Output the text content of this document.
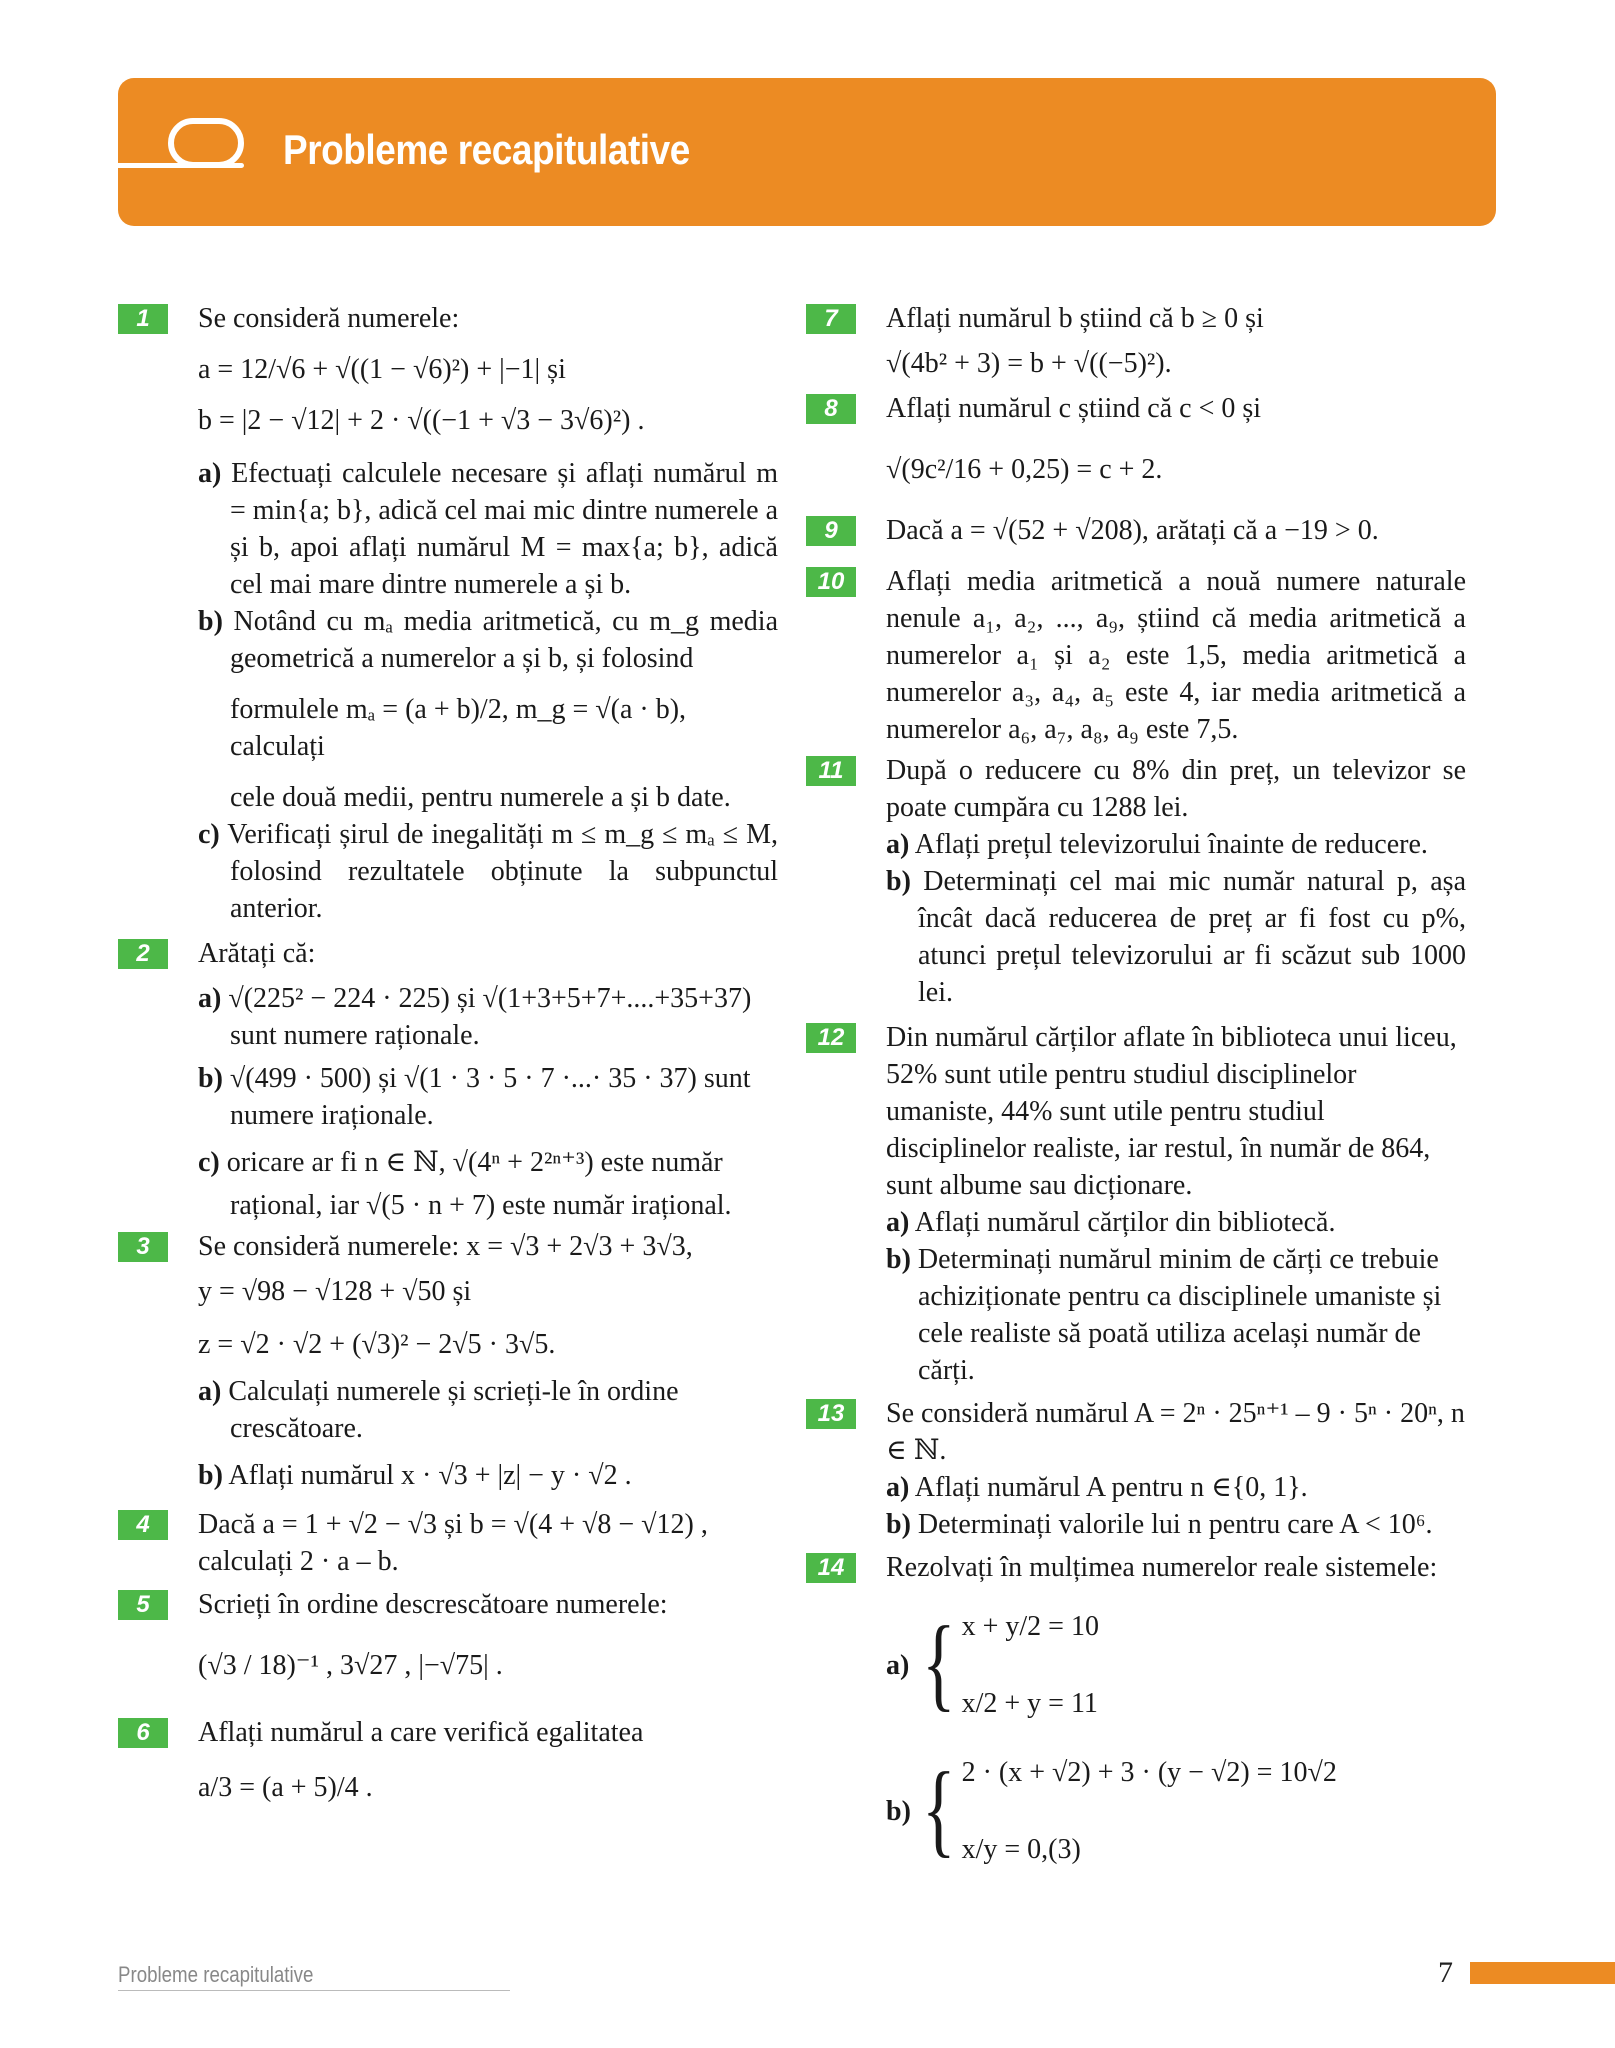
Probleme recapitulative
1	Se consideră numerele:
a = 12/√6 + √((1 − √6)²) + |−1| și
b = |2 − √12| + 2 · √((−1 + √3 − 3√6)²) .
a) Efectuați calculele necesare și aflați numărul m = min{a; b}, adică cel mai mic dintre numerele a și b, apoi aflați numărul M = max{a; b}, adică cel mai mare dintre numerele a și b.
b) Notând cu mₐ media aritmetică, cu m_g media geometrică a numerelor a și b, și folosind
formulele mₐ = (a + b)/2, m_g = √(a · b), calculați
cele două medii, pentru numerele a și b date.
c) Verificați șirul de inegalități m ≤ m_g ≤ mₐ ≤ M, folosind rezultatele obținute la subpunctul anterior.
2	Arătați că:
a) √(225² − 224 · 225) și √(1+3+5+7+....+35+37)
sunt numere raționale.
b) √(499 · 500) și √(1 · 3 · 5 · 7 ·...· 35 · 37) sunt
numere iraționale.
c) oricare ar fi n ∈ ℕ, √(4ⁿ + 2²ⁿ⁺³) este număr
rațional, iar √(5 · n + 7) este număr irațional.
3	Se consideră numerele: x = √3 + 2√3 + 3√3,
y = √98 − √128 + √50 și
z = √2 · √2 + (√3)² − 2√5 · 3√5.
a) Calculați numerele și scrieți-le în ordine crescătoare.
b) Aflați numărul x · √3 + |z| − y · √2 .
4	Dacă a = 1 + √2 − √3 și b = √(4 + √8 − √12) ,
calculați 2 · a – b.
5	Scrieți în ordine descrescătoare numerele:
(√3 / 18)⁻¹ , 3√27 , |−√75| .
6	Aflați numărul a care verifică egalitatea
a/3 = (a + 5)/4 .
7	Aflați numărul b știind că b ≥ 0 și
√(4b² + 3) = b + √((−5)²).
8	Aflați numărul c știind că c < 0 și
√(9c²/16 + 0,25) = c + 2.
9	Dacă a = √(52 + √208), arătați că a −19 > 0.
10	Aflați media aritmetică a nouă numere naturale nenule a₁, a₂, ..., a₉, știind că media aritmetică a numerelor a₁ și a₂ este 1,5, media aritmetică a numerelor a₃, a₄, a₅ este 4, iar media aritmetică a numerelor a₆, a₇, a₈, a₉ este 7,5.
11	După o reducere cu 8% din preț, un televizor se poate cumpăra cu 1288 lei.
a) Aflați prețul televizorului înainte de reducere.
b) Determinați cel mai mic număr natural p, așa încât dacă reducerea de preț ar fi fost cu p%, atunci prețul televizorului ar fi scăzut sub 1000 lei.
12	Din numărul cărților aflate în biblioteca unui liceu, 52% sunt utile pentru studiul disciplinelor umaniste, 44% sunt utile pentru studiul disciplinelor realiste, iar restul, în număr de 864, sunt albume sau dicționare.
a) Aflați numărul cărților din bibliotecă.
b) Determinați numărul minim de cărți ce trebuie achiziționate pentru ca disciplinele umaniste și cele realiste să poată utiliza același număr de cărți.
13	Se consideră numărul A = 2ⁿ · 25ⁿ⁺¹ – 9 · 5ⁿ · 20ⁿ, n ∈ ℕ.
a) Aflați numărul A pentru n ∈{0, 1}.
b) Determinați valorile lui n pentru care A < 10⁶.
14	Rezolvați în mulțimea numerelor reale sistemele:
a) { x + y/2 = 10
x/2 + y = 11
b) { 2 · (x + √2) + 3 · (y − √2) = 10√2
x/y = 0,(3)
Probleme recapitulative	7
